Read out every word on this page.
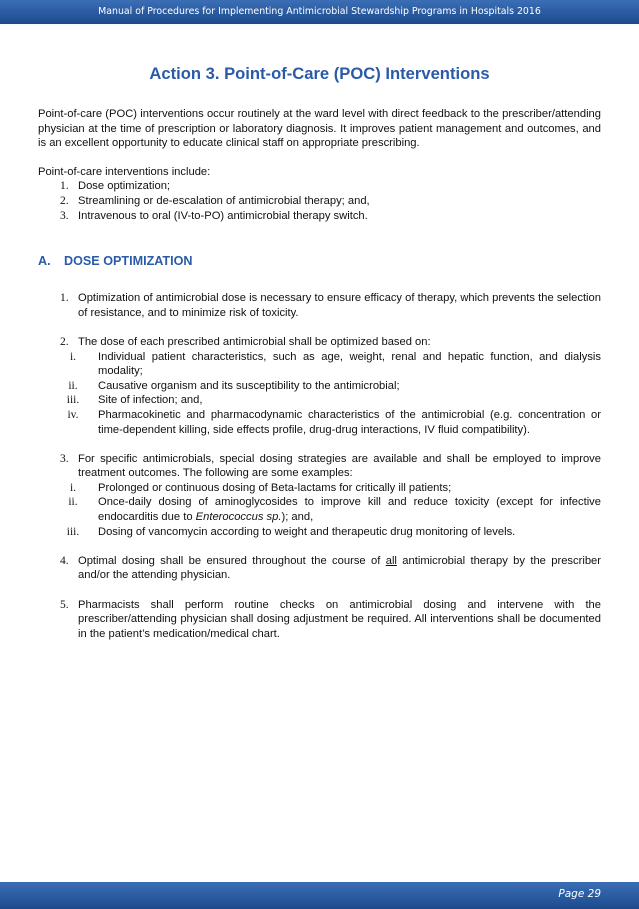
Manual of Procedures for Implementing Antimicrobial Stewardship Programs in Hospitals 2016
Action 3. Point-of-Care (POC) Interventions

Point-of-care (POC) interventions occur routinely at the ward level with direct feedback to the prescriber/attending physician at the time of prescription or laboratory diagnosis. It improves patient management and outcomes, and is an excellent opportunity to educate clinical staff on appropriate prescribing.

Point-of-care interventions include:

1. Dose optimization;
2. Streamlining or de-escalation of antimicrobial therapy; and,
3. Intravenous to oral (IV-to-PO) antimicrobial therapy switch.
A. DOSE OPTIMIZATION
1. Optimization of antimicrobial dose is necessary to ensure efficacy of therapy, which prevents the selection of resistance, and to minimize risk of toxicity.
2. The dose of each prescribed antimicrobial shall be optimized based on:
i.	Individual patient characteristics, such as age, weight, renal and hepatic function, and dialysis modality;
ii.	Causative organism and its susceptibility to the antimicrobial;
iii.	Site of infection; and,
iv.	Pharmacokinetic and pharmacodynamic characteristics of the antimicrobial (e.g. concentration or time-dependent killing, side effects profile, drug-drug interactions, IV fluid compatibility).
3. For specific antimicrobials, special dosing strategies are available and shall be employed to improve treatment outcomes. The following are some examples:
i.	Prolonged or continuous dosing of Beta-lactams for critically ill patients;
ii.	Once-daily dosing of aminoglycosides to improve kill and reduce toxicity (except for infective endocarditis due to Enterococcus sp.); and,
iii.	Dosing of vancomycin according to weight and therapeutic drug monitoring of levels.
4. Optimal dosing shall be ensured throughout the course of all antimicrobial therapy by the prescriber and/or the attending physician.
5. Pharmacists shall perform routine checks on antimicrobial dosing and intervene with the prescriber/attending physician shall dosing adjustment be required. All interventions shall be documented in the patient’s medication/medical chart.
Page 29
